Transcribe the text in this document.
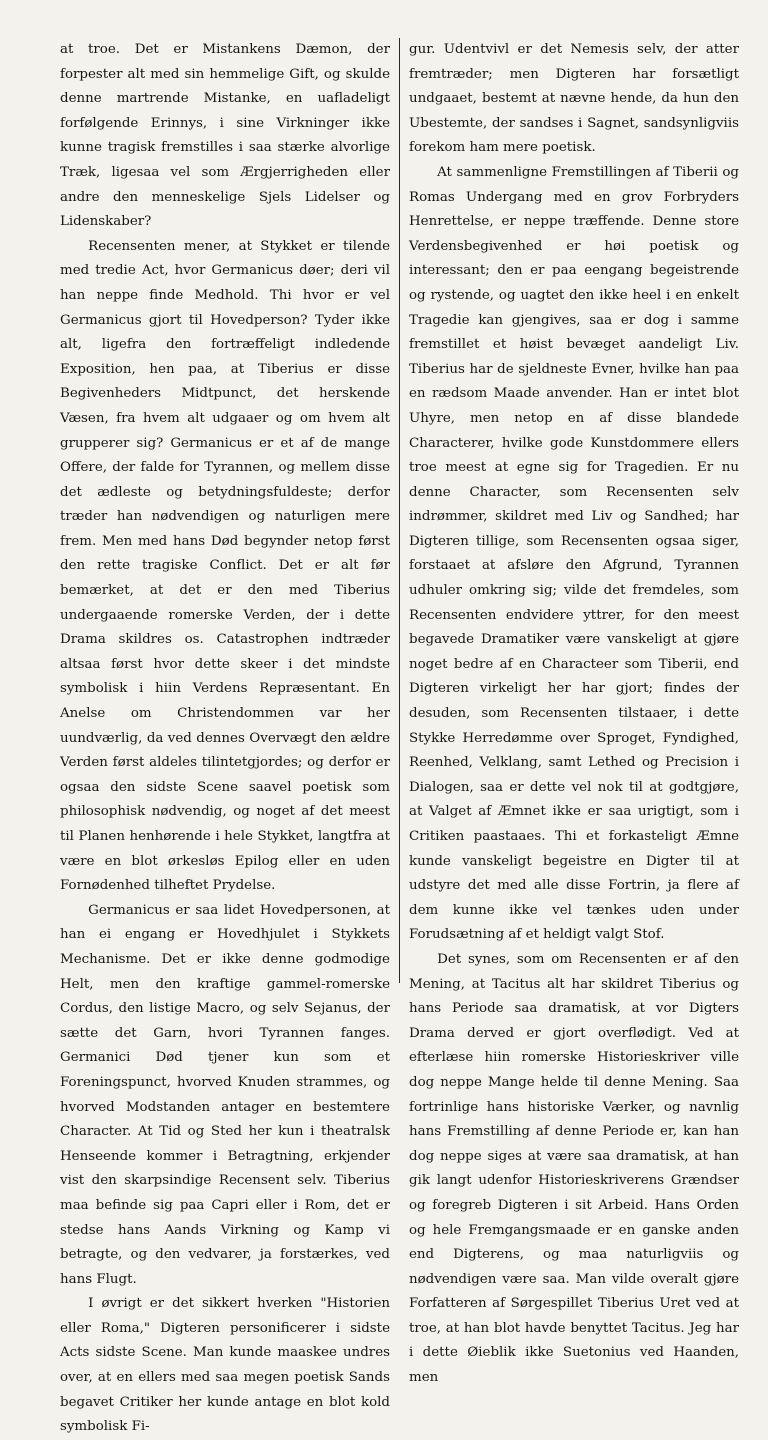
at troe. Det er Mistankens Dæmon, der forpester alt med sin hemmelige Gift, og skulde denne martrende Mistanke, en uafladeligt forfølgende Erinnys, i sine Virkninger ikke kunne tragisk fremstilles i saa stærke alvorlige Træk, ligesaa vel som Ærgjerrigheden eller andre den menneskelige Sjels Lidelser og Lidenskaber?

Recensenten mener, at Stykket er tilende med tredie Act, hvor Germanicus døer; deri vil han neppe finde Medhold. Thi hvor er vel Germanicus gjort til Hovedperson? Tyder ikke alt, ligefra den fortræffeligt indledende Exposition, hen paa, at Tiberius er disse Begivenheders Midtpunct, det herskende Væsen, fra hvem alt udgaaer og om hvem alt grupperer sig? Germanicus er et af de mange Offere, der falde for Tyrannen, og mellem disse det ædleste og betydningsfuldeste; derfor træder han nødvendigen og naturligen mere frem. Men med hans Død begynder netop først den rette tragiske Conflict. Det er alt før bemærket, at det er den med Tiberius undergaaende romerske Verden, der i dette Drama skildres os. Catastrophen indtræder altsaa først hvor dette skeer i det mindste symbolisk i hiin Verdens Repræsentant. En Anelse om Christendommen var her uundværlig, da ved dennes Overvægt den ældre Verden først aldeles tilintetgjordes; og derfor er ogsaa den sidste Scene saavel poetisk som philosophisk nødvendig, og noget af det meest til Planen henhørende i hele Stykket, langtfra at være en blot ørkesløs Epilog eller en uden Fornødenhed tilheftet Prydelse.

Germanicus er saa lidet Hovedpersonen, at han ei engang er Hovedhjulet i Stykkets Mechanisme. Det er ikke denne godmodige Helt, men den kraftige gammel-romerske Cordus, den listige Macro, og selv Sejanus, der sætte det Garn, hvori Tyrannen fanges. Germanici Død tjener kun som et Foreningspunct, hvorved Knuden strammes, og hvorved Modstanden antager en bestemtere Character. At Tid og Sted her kun i theatralsk Henseende kommer i Betragtning, erkjender vist den skarpsindige Recensent selv. Tiberius maa befinde sig paa Capri eller i Rom, det er stedse hans Aands Virkning og Kamp vi betragte, og den vedvarer, ja forstærkes, ved hans Flugt.

I øvrigt er det sikkert hverken "Historien eller Roma," Digteren personificerer i sidste Acts sidste Scene. Man kunde maaskee undres over, at en ellers med saa megen poetisk Sands begavet Critiker her kunde antage en blot kold symbolisk Fi-

gur. Udentvivl er det Nemesis selv, der atter fremtræder; men Digteren har forsætligt undgaaet, bestemt at nævne hende, da hun den Ubestemte, der sandses i Sagnet, sandsynligviis forekom ham mere poetisk.

At sammenligne Fremstillingen af Tiberii og Romas Undergang med en grov Forbryders Henrettelse, er neppe træffende. Denne store Verdensbegivenhed er høi poetisk og interessant; den er paa eengang begeistrende og rystende, og uagtet den ikke heel i en enkelt Tragedie kan gjengives, saa er dog i samme fremstillet et høist bevæget aandeligt Liv. Tiberius har de sjeldneste Evner, hvilke han paa en rædsom Maade anvender. Han er intet blot Uhyre, men netop en af disse blandede Characterer, hvilke gode Kunstdommere ellers troe meest at egne sig for Tragedien. Er nu denne Character, som Recensenten selv indrømmer, skildret med Liv og Sandhed; har Digteren tillige, som Recensenten ogsaa siger, forstaaet at afsløre den Afgrund, Tyrannen udhuler omkring sig; vilde det fremdeles, som Recensenten endvidere yttrer, for den meest begavede Dramatiker være vanskeligt at gjøre noget bedre af en Characteer som Tiberii, end Digteren virkeligt her har gjort; findes der desuden, som Recensenten tilstaaer, i dette Stykke Herredømme over Sproget, Fyndighed, Reenhed, Velklang, samt Lethed og Precision i Dialogen, saa er dette vel nok til at godtgjøre, at Valget af Æmnet ikke er saa urigtigt, som i Critiken paastaaes. Thi et forkasteligt Æmne kunde vanskeligt begeistre en Digter til at udstyre det med alle disse Fortrin, ja flere af dem kunne ikke vel tænkes uden under Forudsætning af et heldigt valgt Stof.

Det synes, som om Recensenten er af den Mening, at Tacitus alt har skildret Tiberius og hans Periode saa dramatisk, at vor Digters Drama derved er gjort overflødigt. Ved at efterlæse hiin romerske Historieskriver ville dog neppe Mange helde til denne Mening. Saa fortrinlige hans historiske Værker, og navnlig hans Fremstilling af denne Periode er, kan han dog neppe siges at være saa dramatisk, at han gik langt udenfor Historieskriverens Grændser og foregreb Digteren i sit Arbeid. Hans Orden og hele Fremgangsmaade er en ganske anden end Digterens, og maa naturligviis og nødvendigen være saa. Man vilde overalt gjøre Forfatteren af Sørgespillet Tiberius Uret ved at troe, at han blot havde benyttet Tacitus. Jeg har i dette Øieblik ikke Suetonius ved Haanden, men
